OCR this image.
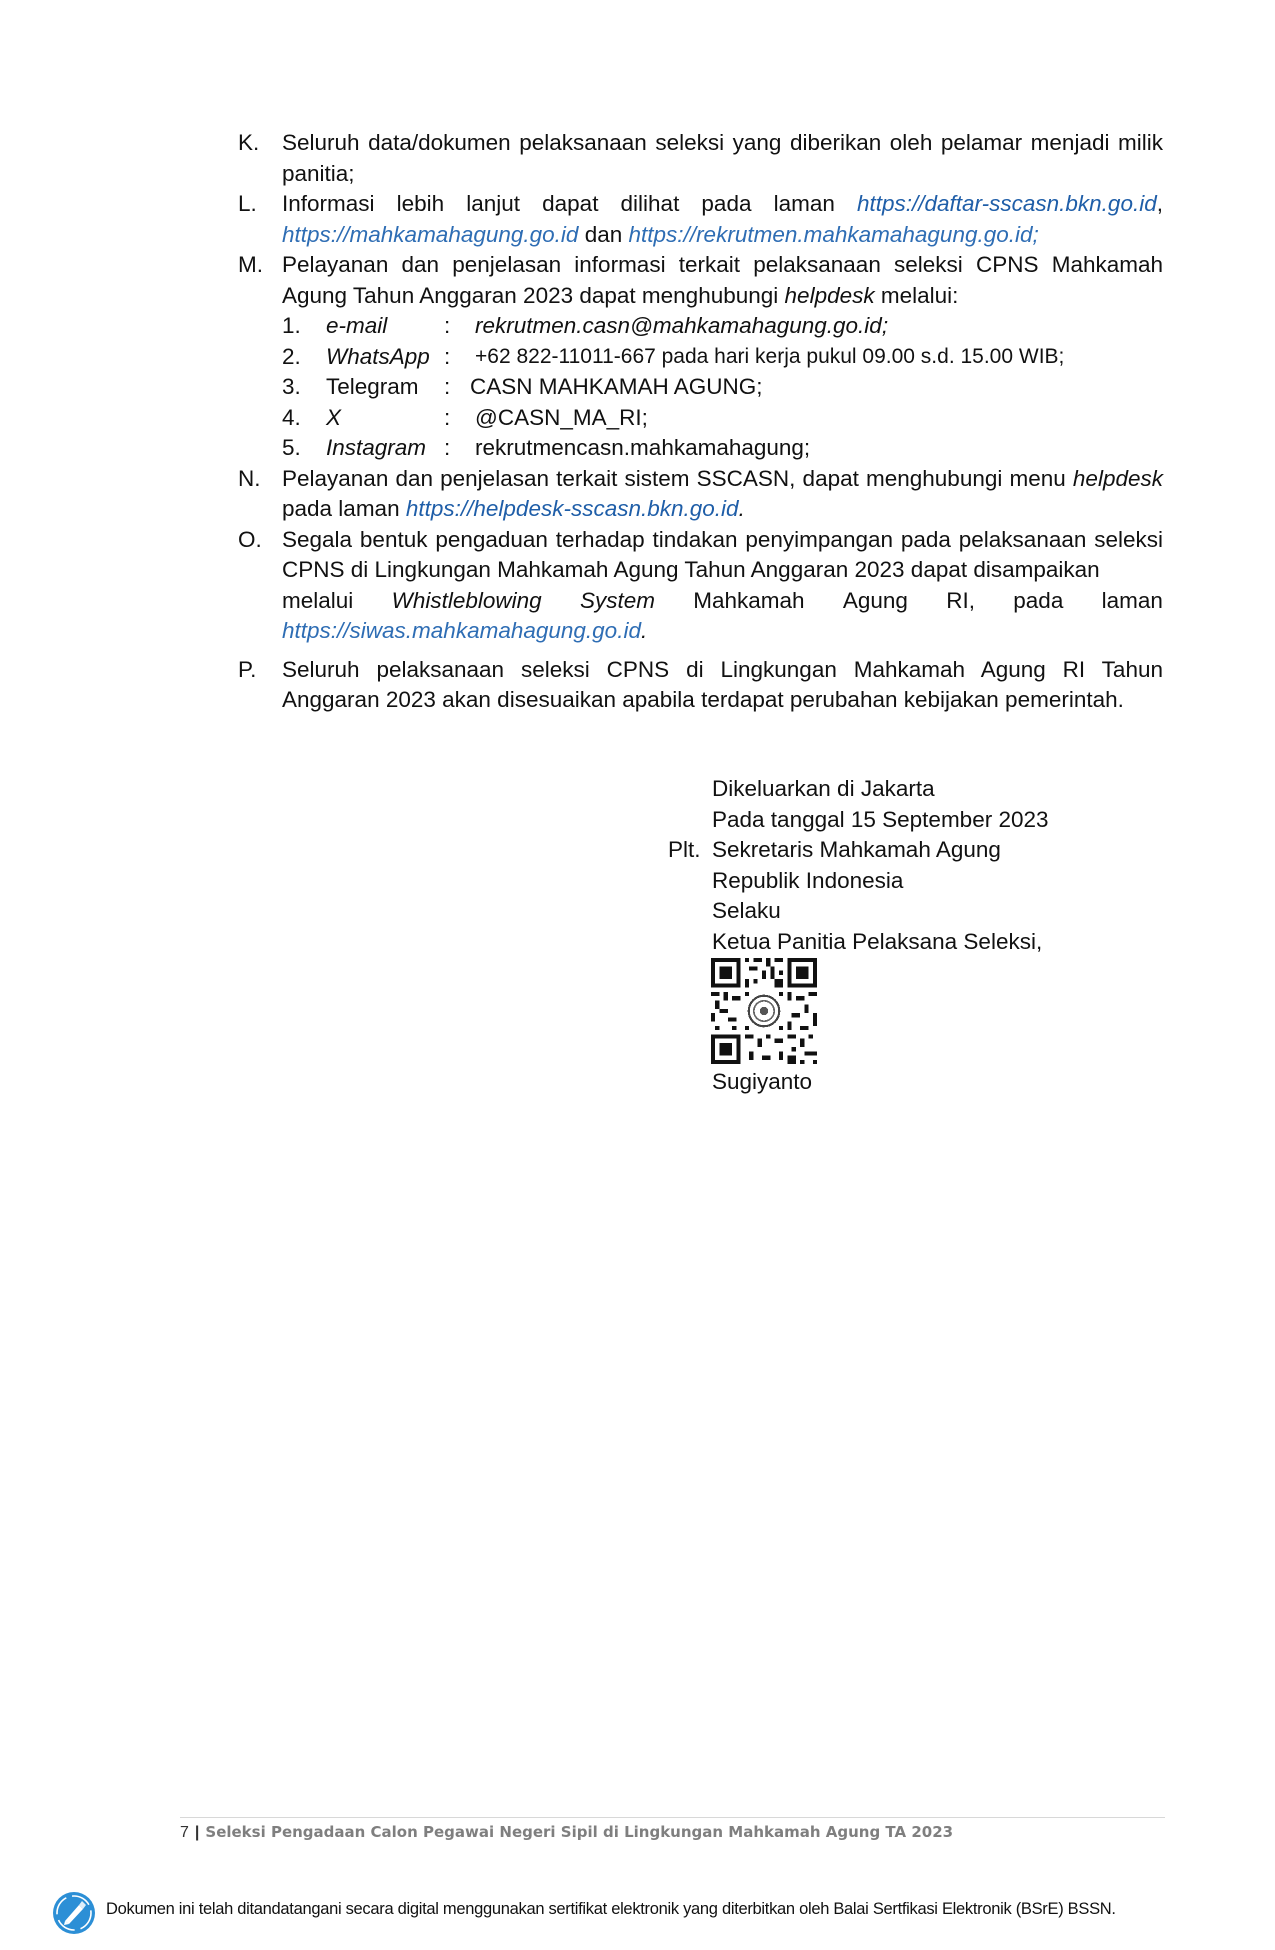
K. Seluruh data/dokumen pelaksanaan seleksi yang diberikan oleh pelamar menjadi milik panitia;
L. Informasi lebih lanjut dapat dilihat pada laman https://daftar-sscasn.bkn.go.id, https://mahkamahagung.go.id dan https://rekrutmen.mahkamahagung.go.id;
M. Pelayanan dan penjelasan informasi terkait pelaksanaan seleksi CPNS Mahkamah Agung Tahun Anggaran 2023 dapat menghubungi helpdesk melalui:
1. e-mail	: rekrutmen.casn@mahkamahagung.go.id;
2. WhatsApp : +62 822-11011-667 pada hari kerja pukul 09.00 s.d. 15.00 WIB;
3. Telegram : CASN MAHKAMAH AGUNG;
4. X	: @CASN_MA_RI;
5. Instagram : rekrutmencasn.mahkamahagung;
N. Pelayanan dan penjelasan terkait sistem SSCASN, dapat menghubungi menu helpdesk pada laman https://helpdesk-sscasn.bkn.go.id.
O. Segala bentuk pengaduan terhadap tindakan penyimpangan pada pelaksanaan seleksi CPNS di Lingkungan Mahkamah Agung Tahun Anggaran 2023 dapat disampaikan
melalui Whistleblowing System Mahkamah Agung RI, pada laman
https://siwas.mahkamahagung.go.id.
P. Seluruh pelaksanaan seleksi CPNS di Lingkungan Mahkamah Agung RI Tahun Anggaran 2023 akan disesuaikan apabila terdapat perubahan kebijakan pemerintah.
Dikeluarkan di Jakarta
Pada tanggal 15 September 2023
Plt. Sekretaris Mahkamah Agung
Republik Indonesia
Selaku
Ketua Panitia Pelaksana Seleksi,
Sugiyanto
7 | Seleksi Pengadaan Calon Pegawai Negeri Sipil di Lingkungan Mahkamah Agung TA 2023
Dokumen ini telah ditandatangani secara digital menggunakan sertifikat elektronik yang diterbitkan oleh Balai Sertfikasi Elektronik (BSrE) BSSN.
